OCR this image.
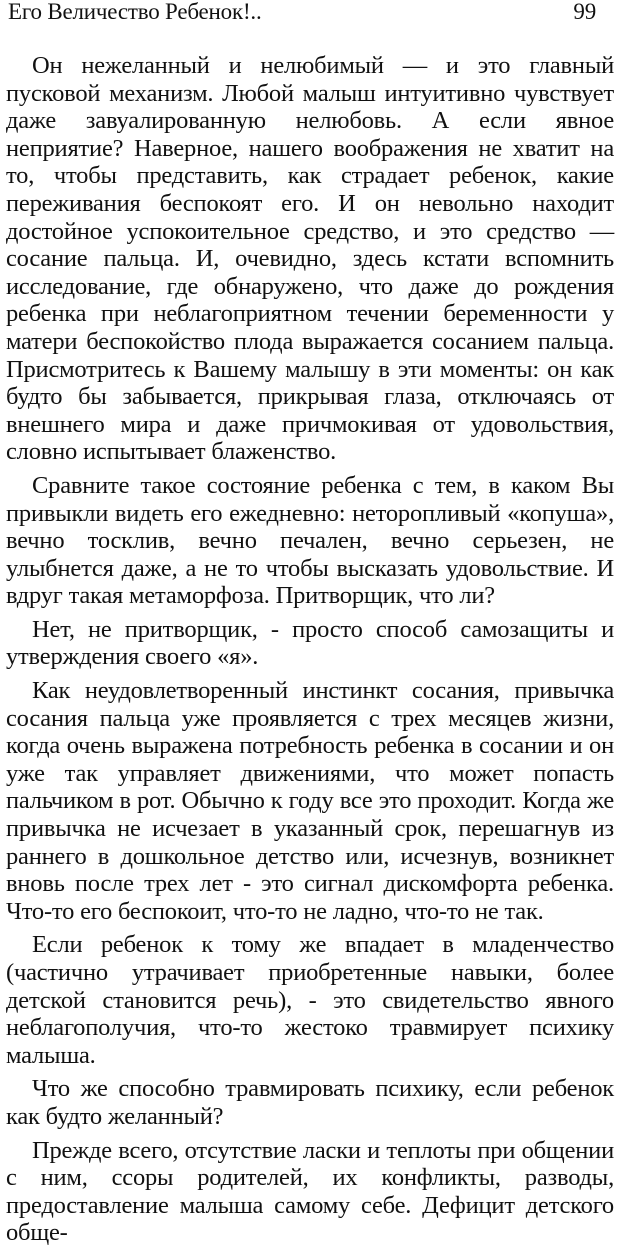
Его Величество Ребенок!..	99

Он нежеланный и нелюбимый — и это главный пусковой механизм. Любой малыш интуитивно чувствует даже завуалированную нелюбовь. А если явное неприятие? Наверное, нашего воображения не хватит на то, чтобы представить, как страдает ребенок, какие переживания беспокоят его. И он невольно находит достойное успокоительное средство, и это средство — сосание пальца. И, очевидно, здесь кстати вспомнить исследование, где обнаружено, что даже до рождения ребенка при неблагоприятном течении беременности у матери беспокойство плода выражается сосанием пальца. Присмотритесь к Вашему малышу в эти моменты: он как будто бы забывается, прикрывая глаза, отключаясь от внешнего мира и даже причмокивая от удовольствия, словно испытывает блаженство.

Сравните такое состояние ребенка с тем, в каком Вы привыкли видеть его ежедневно: неторопливый «копуша», вечно тосклив, вечно печален, вечно серьезен, не улыбнется даже, а не то чтобы высказать удовольствие. И вдруг такая метаморфоза. Притворщик, что ли?

Нет, не притворщик, - просто способ самозащиты и утверждения своего «я».

Как неудовлетворенный инстинкт сосания, привычка сосания пальца уже проявляется с трех месяцев жизни, когда очень выражена потребность ребенка в сосании и он уже так управляет движениями, что может попасть пальчиком в рот. Обычно к году все это проходит. Когда же привычка не исчезает в указанный срок, перешагнув из раннего в дошкольное детство или, исчезнув, возникнет вновь после трех лет - это сигнал дискомфорта ребенка. Что-то его беспокоит, что-то не ладно, что-то не так.

Если ребенок к тому же впадает в младенчество (частично утрачивает приобретенные навыки, более детской становится речь), - это свидетельство явного неблагополучия, что-то жестоко травмирует психику малыша.

Что же способно травмировать психику, если ребенок как будто желанный?

Прежде всего, отсутствие ласки и теплоты при общении с ним, ссоры родителей, их конфликты, разводы, предоставление малыша самому себе. Дефицит детского обще-
